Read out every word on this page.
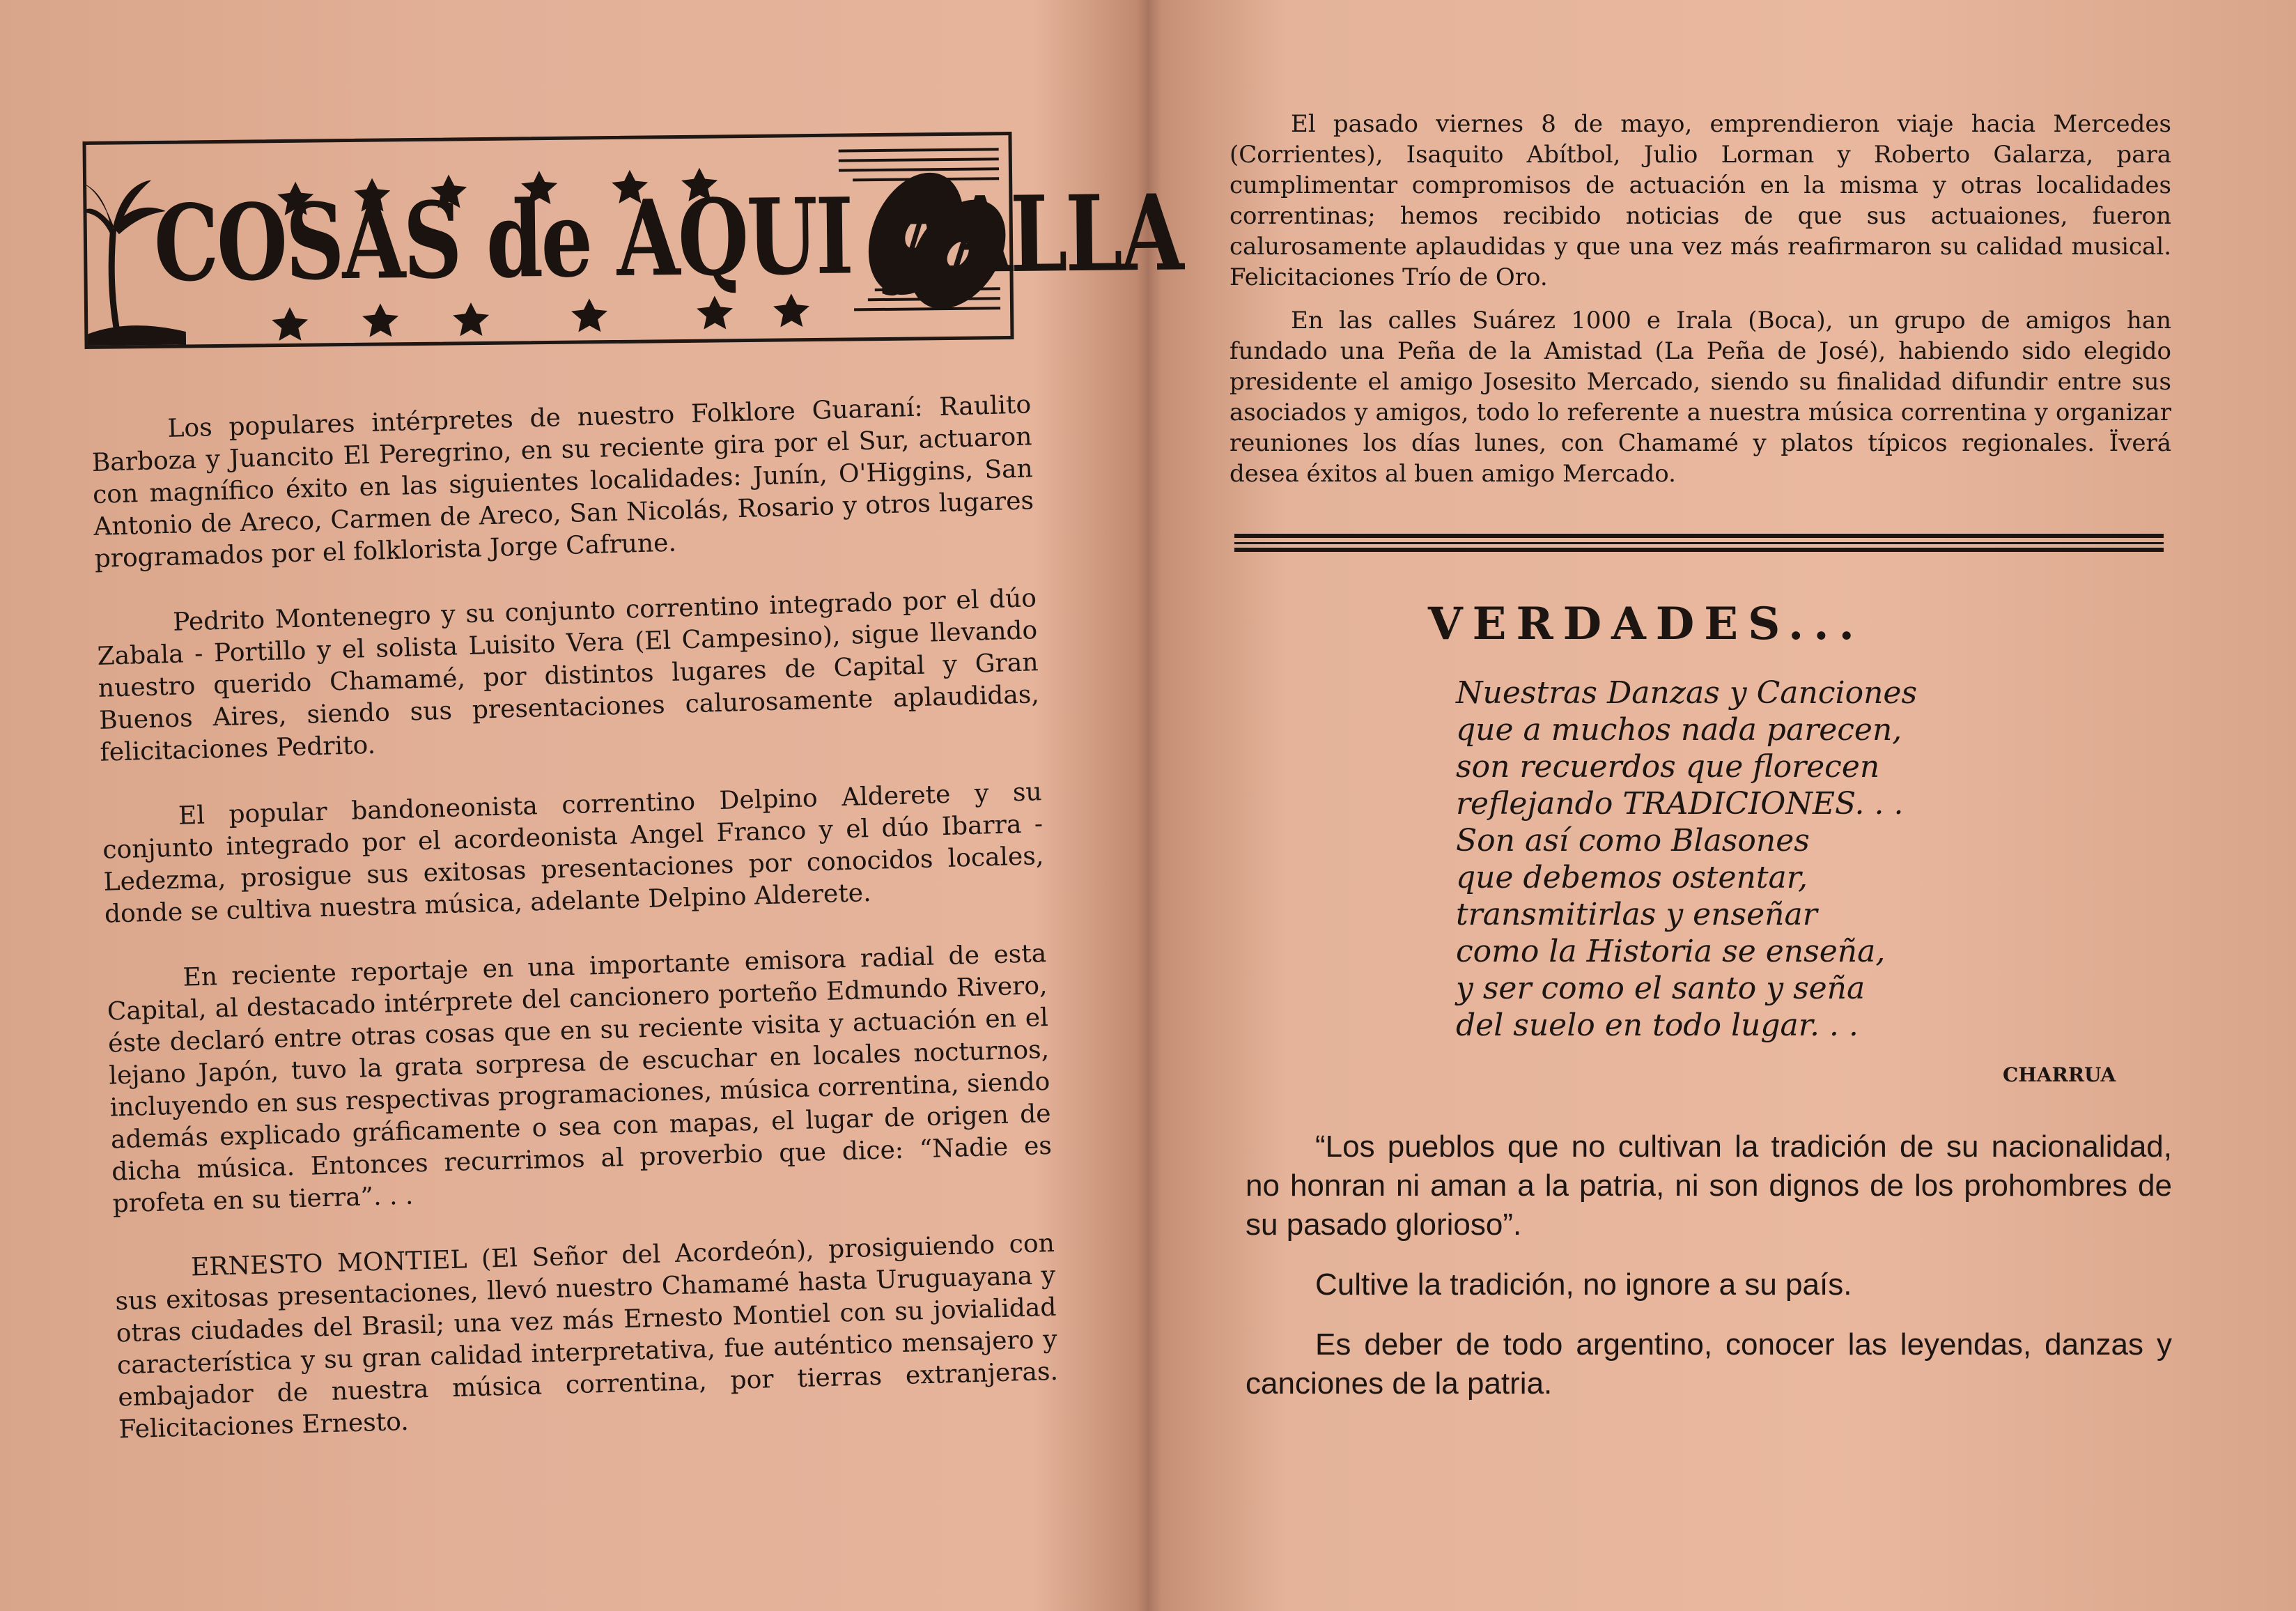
COSAS de AQUI y ALLA

Los populares intérpretes de nuestro Folklore Guaraní: Raulito Barboza y Juancito El Peregrino, en su reciente gira por el Sur, actuaron con magnífico éxito en las siguientes localidades: Junín, O'Higgins, San Antonio de Areco, Carmen de Areco, San Nicolás, Rosario y otros lugares programados por el folklorista Jorge Cafrune.

Pedrito Montenegro y su conjunto correntino integrado por el dúo Zabala - Portillo y el solista Luisito Vera (El Campesino), sigue llevando nuestro querido Chamamé, por distintos lugares de Capital y Gran Buenos Aires, siendo sus presentaciones calurosamente aplaudidas, felicitaciones Pedrito.

El popular bandoneonista correntino Delpino Alderete y su conjunto integrado por el acordeonista Angel Franco y el dúo Ibarra - Ledezma, prosigue sus exitosas presentaciones por conocidos locales, donde se cultiva nuestra música, adelante Delpino Alderete.

En reciente reportaje en una importante emisora radial de esta Capital, al destacado intérprete del cancionero porteño Edmundo Rivero, éste declaró entre otras cosas que en su reciente visita y actuación en el lejano Japón, tuvo la grata sorpresa de escuchar en locales nocturnos, incluyendo en sus respectivas programaciones, música correntina, siendo además explicado gráficamente o sea con mapas, el lugar de origen de dicha música. Entonces recurrimos al proverbio que dice: “Nadie es profeta en su tierra”. . .

ERNESTO MONTIEL (El Señor del Acordeón), prosiguiendo con sus exitosas presentaciones, llevó nuestro Chamamé hasta Uruguayana y otras ciudades del Brasil; una vez más Ernesto Montiel con su jovialidad característica y su gran calidad interpretativa, fue auténtico mensajero y embajador de nuestra música correntina, por tierras extranjeras. Felicitaciones Ernesto.

El pasado viernes 8 de mayo, emprendieron viaje hacia Mercedes (Corrientes), Isaquito Abítbol, Julio Lorman y Roberto Galarza, para cumplimentar compromisos de actuación en la misma y otras localidades correntinas; hemos recibido noticias de que sus actuaiones, fueron calurosamente aplaudidas y que una vez más reafirmaron su calidad musical. Felicitaciones Trío de Oro.

En las calles Suárez 1000 e Irala (Boca), un grupo de amigos han fundado una Peña de la Amistad (La Peña de José), habiendo sido elegido presidente el amigo Josesito Mercado, siendo su finalidad difundir entre sus asociados y amigos, todo lo referente a nuestra música correntina y organizar reuniones los días lunes, con Chamamé y platos típicos regionales. Ïverá desea éxitos al buen amigo Mercado.

VERDADES...
Nuestras Danzas y Canciones
que a muchos nada parecen,
son recuerdos que florecen
reflejando TRADICIONES. . .
Son así como Blasones
que debemos ostentar,
transmitirlas y enseñar
como la Historia se enseña,
y ser como el santo y seña
del suelo en todo lugar. . .
CHARRUA

“Los pueblos que no cultivan la tradición de su nacionalidad, no honran ni aman a la patria, ni son dignos de los prohombres de su pasado glorioso”.

Cultive la tradición, no ignore a su país.

Es deber de todo argentino, conocer las leyendas, danzas y canciones de la patria.
